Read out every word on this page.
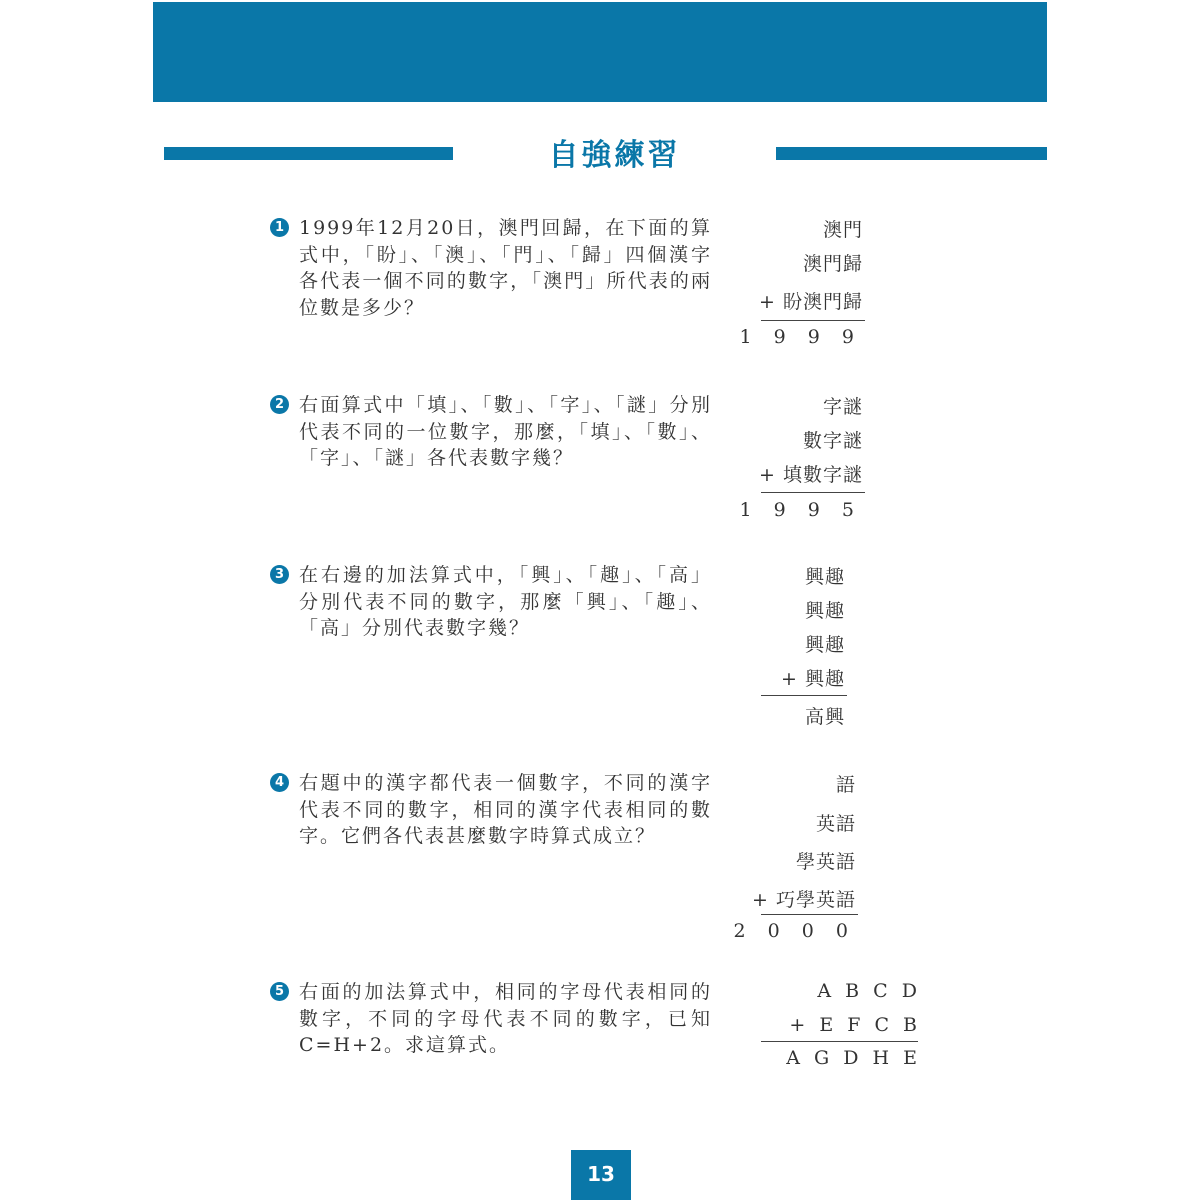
自強練習
1 1999年12月20日，澳門回歸，在下面的算式中，「盼」、「澳」、「門」、「歸」四個漢字各代表一個不同的數字，「澳門」所代表的兩位數是多少？
澳門
澳門歸
+ 盼澳門歸
1 9 9 9
2 右面算式中「填」、「數」、「字」、「謎」分別代表不同的一位數字，那麼，「填」、「數」、「字」、「謎」各代表數字幾？
字謎
數字謎
+ 填數字謎
1 9 9 5
3 在右邊的加法算式中，「興」、「趣」、「高」分別代表不同的數字，那麼「興」、「趣」、「高」分別代表數字幾？
興趣
興趣
興趣
+ 興趣
高興
4 右題中的漢字都代表一個數字，不同的漢字代表不同的數字，相同的漢字代表相同的數字。它們各代表甚麼數字時算式成立？
語
英語
學英語
+ 巧學英語
2 0 0 0
5 右面的加法算式中，相同的字母代表相同的數字，不同的字母代表不同的數字，已知C=H+2。求這算式。
A B C D
+ E F C B
A G D H E
13
